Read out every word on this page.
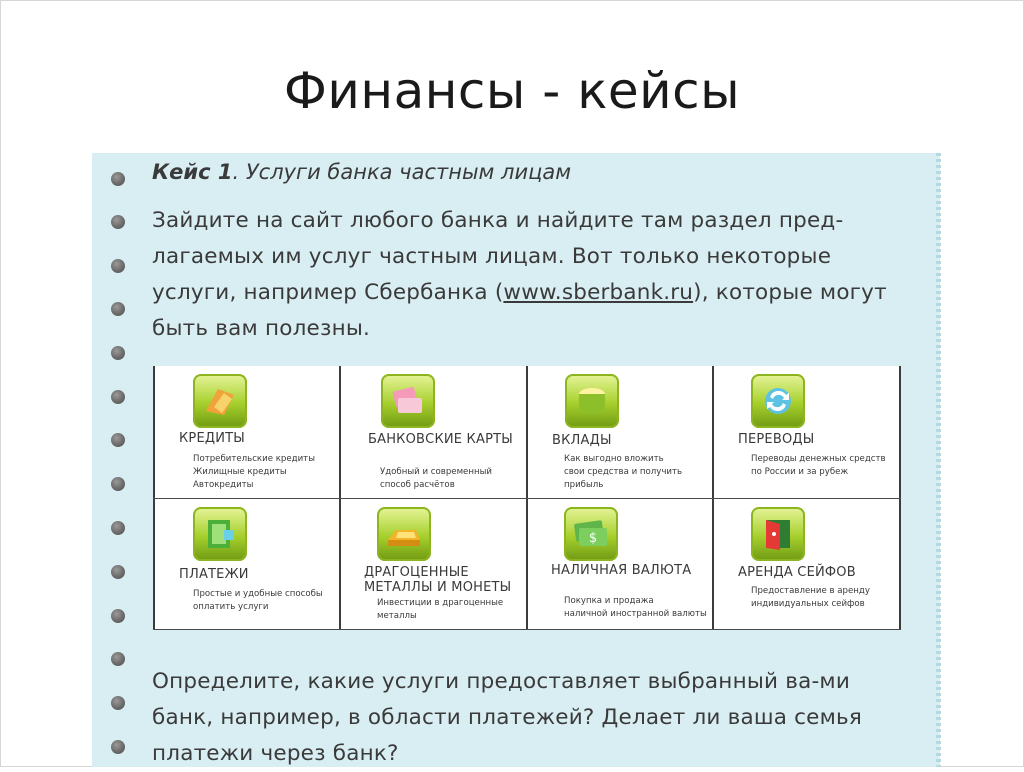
Финансы - кейсы
Кейс 1. Услуги банка частным лицам
Зайдите на сайт любого банка и найдите там раздел пред-лагаемых им услуг частным лицам. Вот только некоторые услуги, например Сбербанка (www.sberbank.ru), которые могут быть вам полезны.
КРЕДИТЫ
Потребительские кредиты
Жилищные кредиты
Автокредиты
БАНКОВСКИЕ КАРТЫ
Удобный и современный
способ расчётов
ВКЛАДЫ
Как выгодно вложить
свои средства и получить
прибыль
ПЕРЕВОДЫ
Переводы денежных средств
по России и за рубеж
ПЛАТЕЖИ
Простые и удобные способы
оплатить услуги
ДРАГОЦЕННЫЕ МЕТАЛЛЫ И МОНЕТЫ
Инвестиции в драгоценные
металлы
$
НАЛИЧНАЯ ВАЛЮТА
Покупка и продажа
наличной иностранной валюты
АРЕНДА СЕЙФОВ
Предоставление в аренду
индивидуальных сейфов
Определите, какие услуги предоставляет выбранный ва-ми банк, например, в области платежей? Делает ли ваша семья платежи через банк?
